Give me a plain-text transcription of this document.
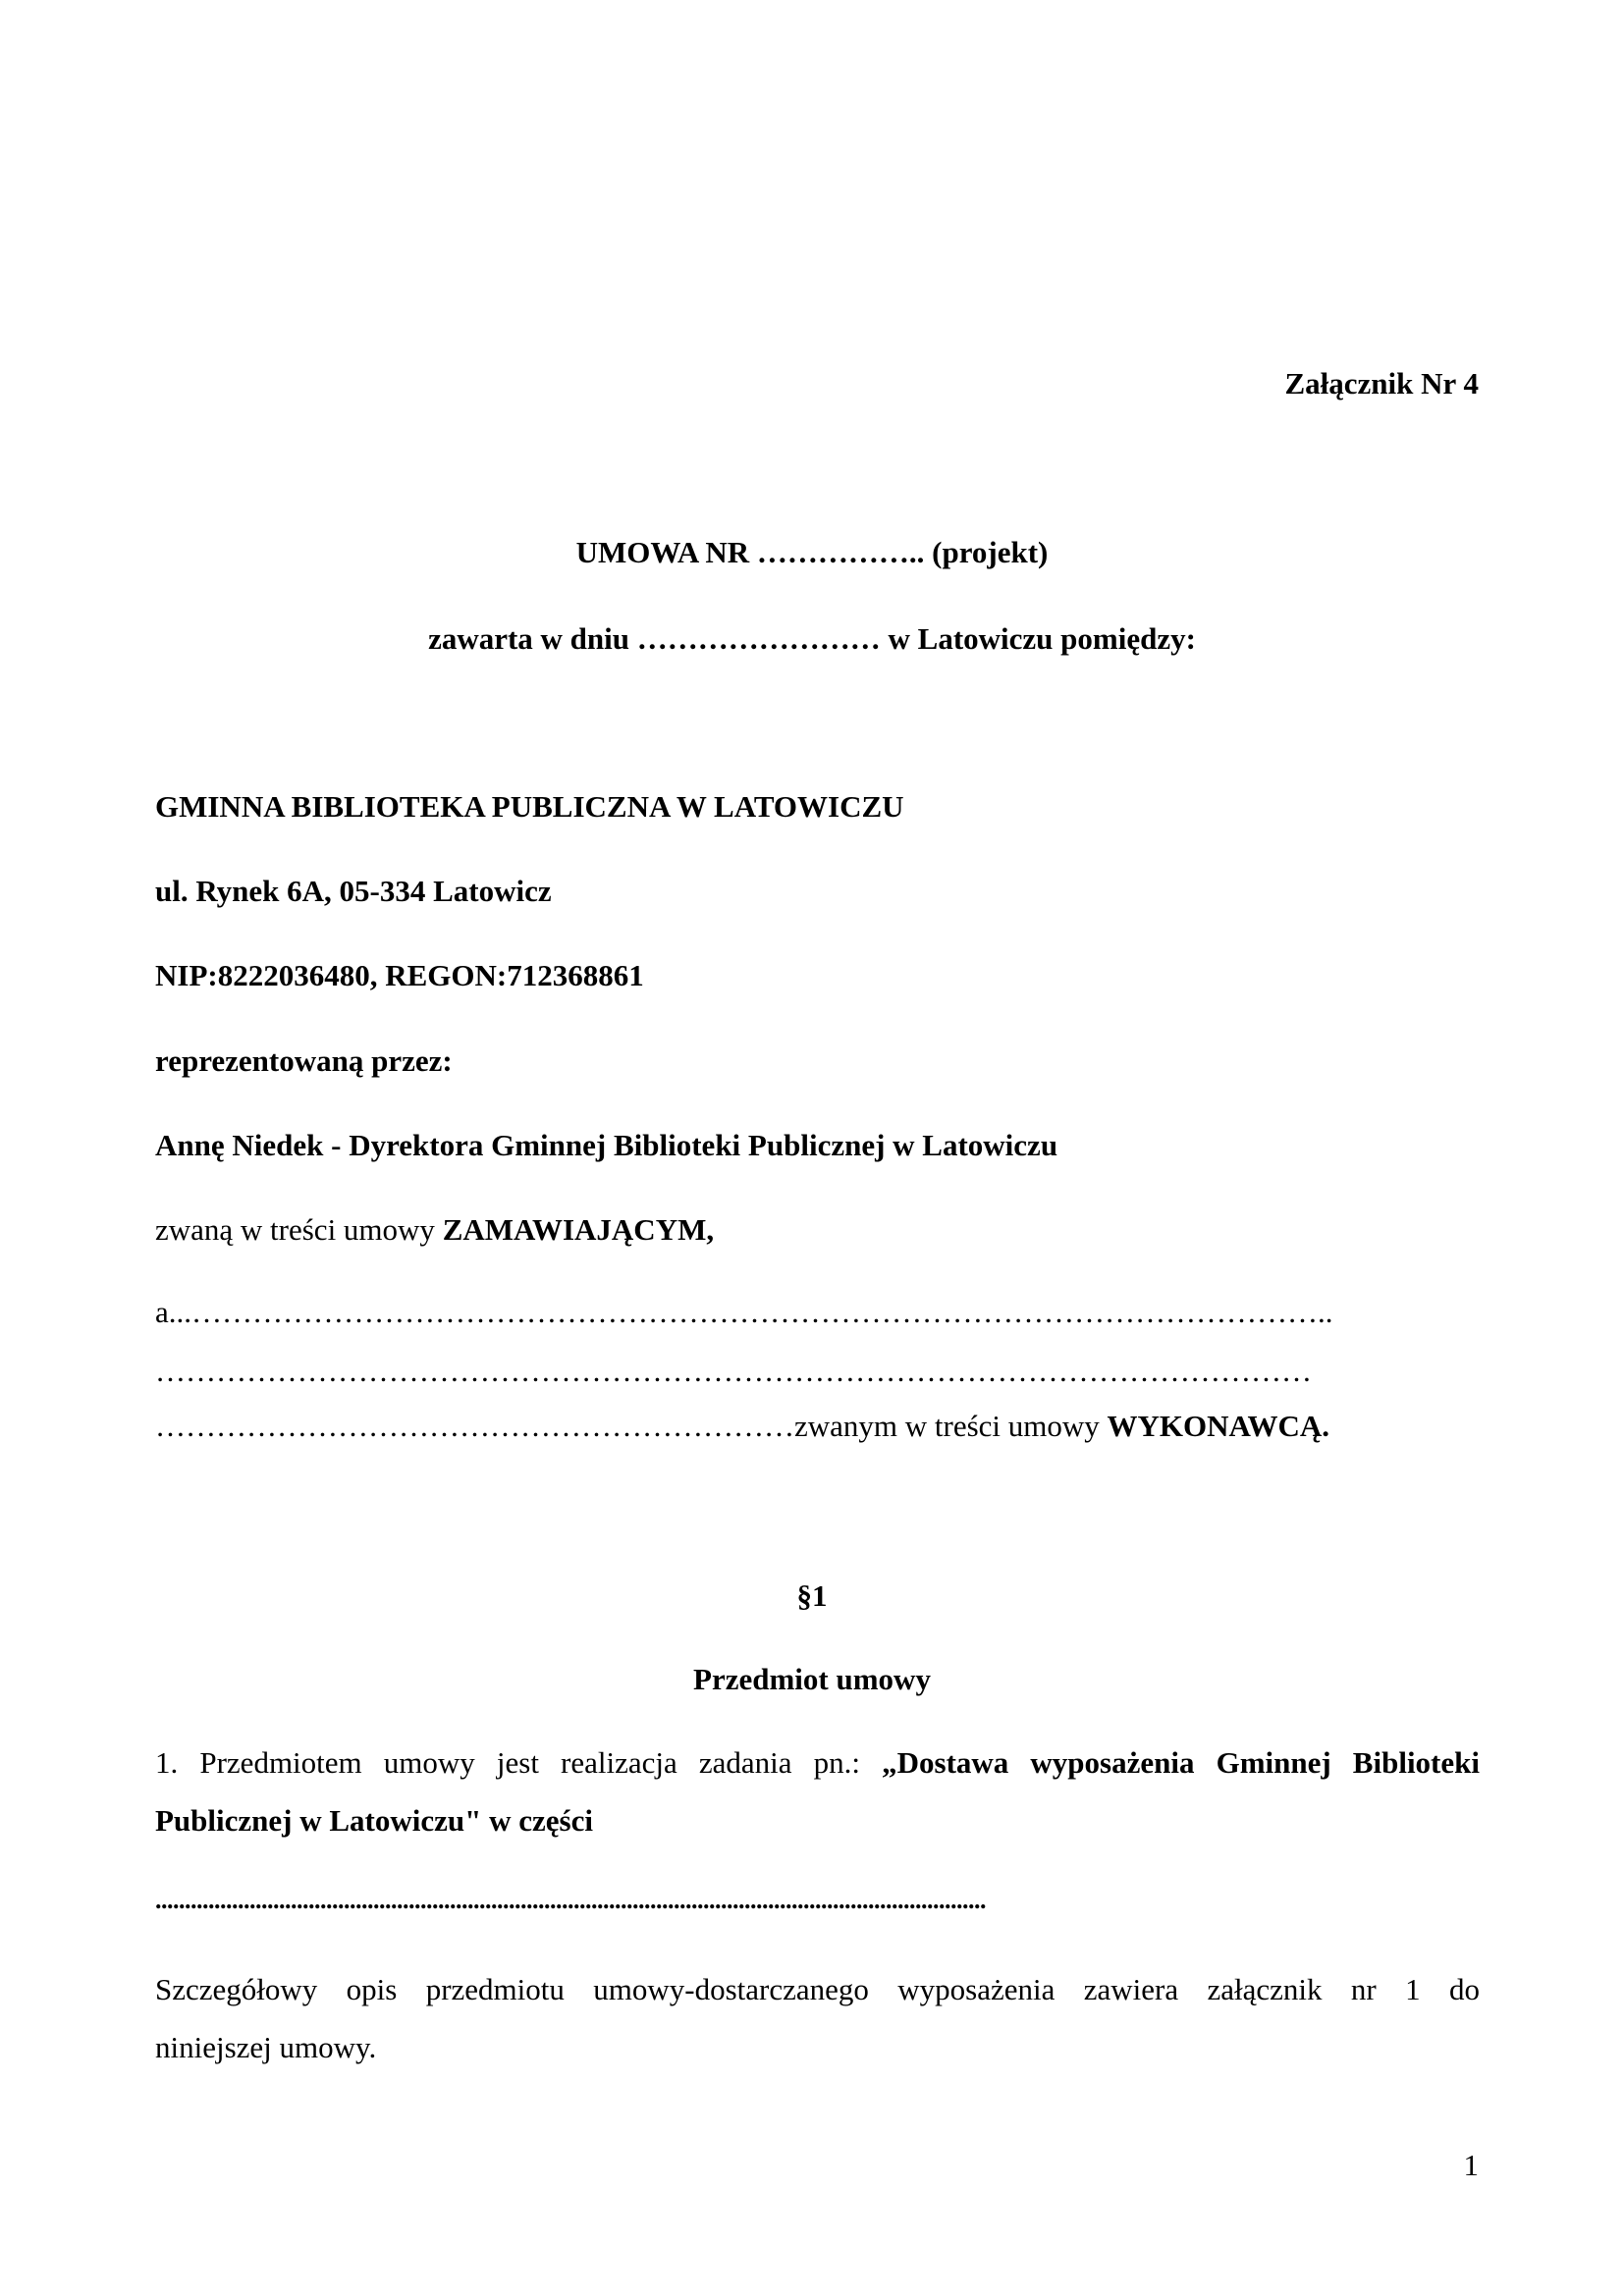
Załącznik Nr 4
UMOWA NR …………….. (projekt)
zawarta w dniu …………………… w Latowiczu pomiędzy:
GMINNA BIBLIOTEKA PUBLICZNA W LATOWICZU
ul. Rynek 6A, 05-334 Latowicz
NIP:8222036480, REGON:712368861
reprezentowaną przez:
Annę Niedek - Dyrektora Gminnej Biblioteki Publicznej w Latowiczu
zwaną w treści umowy ZAMAWIAJĄCYM,
a...…………………………………………………………………………………………………..
……………………………………………………………………………………………………
………………………………………………………zwanym w treści umowy WYKONAWCĄ.
§1
Przedmiot umowy
1. Przedmiotem umowy jest realizacja zadania pn.: „Dostawa wyposażenia Gminnej Biblioteki
Publicznej w Latowiczu" w części
.............................................................................................................................................
Szczegółowy opis przedmiotu umowy-dostarczanego wyposażenia zawiera załącznik nr 1 do
niniejszej umowy.
1
